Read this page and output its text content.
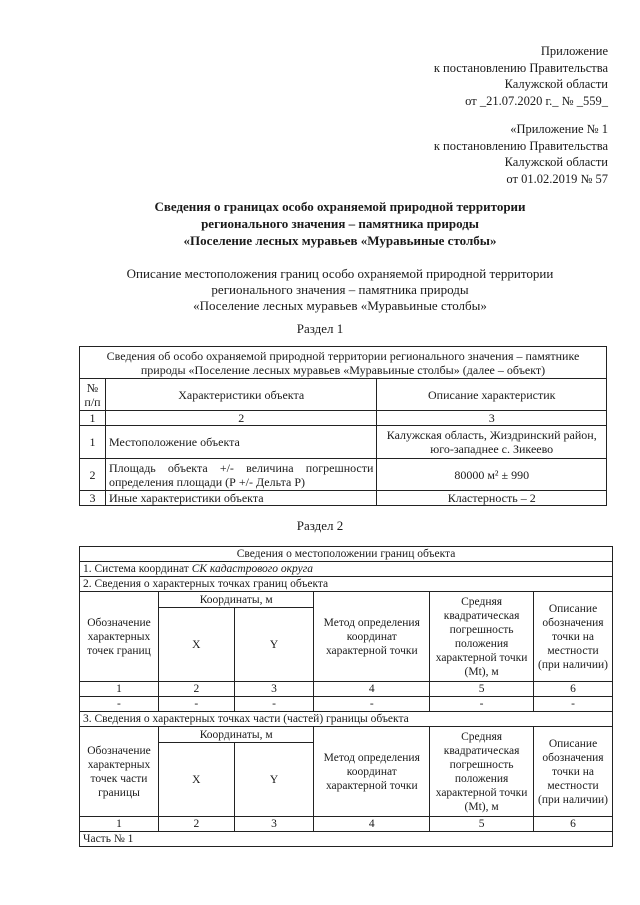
Приложение
к постановлению Правительства
Калужской области
от _21.07.2020 г._ № _559_
«Приложение № 1
к постановлению Правительства
Калужской области
от 01.02.2019 № 57
Сведения о границах особо охраняемой природной территории
регионального значения – памятника природы
«Поселение лесных муравьев «Муравьиные столбы»
Описание местоположения границ особо охраняемой природной территории
регионального значения – памятника природы
«Поселение лесных муравьев «Муравьиные столбы»
Раздел 1
Сведения об особо охраняемой природной территории регионального значения – памятнике природы «Поселение лесных муравьев «Муравьиные столбы» (далее – объект)		
№ п/п	Характеристики объекта	Описание характеристик
1	2	3
1	Местоположение объекта	Калужская область, Жиздринский район, юго-западнее с. Зикеево
2	Площадь объекта +/- величина погрешности определения площади (Р +/- Дельта Р)	80000 м² ± 990
3	Иные характеристики объекта	Кластерность – 2
Раздел 2
Сведения о местоположении границ объекта					
1. Система координат СК кадастрового округа					
2. Сведения о характерных точках границ объекта					
Обозначение характерных точек границ	Координаты, м		Метод определения координат характерной точки	Средняя квадратическая погрешность положения характерной точки (Mt), м	Описание обозначения точки на местности (при наличии)
	X	Y			
1	2	3	4	5	6
-	-	-	-	-	-
3. Сведения о характерных точках части (частей) границы объекта					
Обозначение характерных точек части границы	Координаты, м		Метод определения координат характерной точки	Средняя квадратическая погрешность положения характерной точки (Mt), м	Описание обозначения точки на местности (при наличии)
	X	Y			
1	2	3	4	5	6
Часть № 1					
